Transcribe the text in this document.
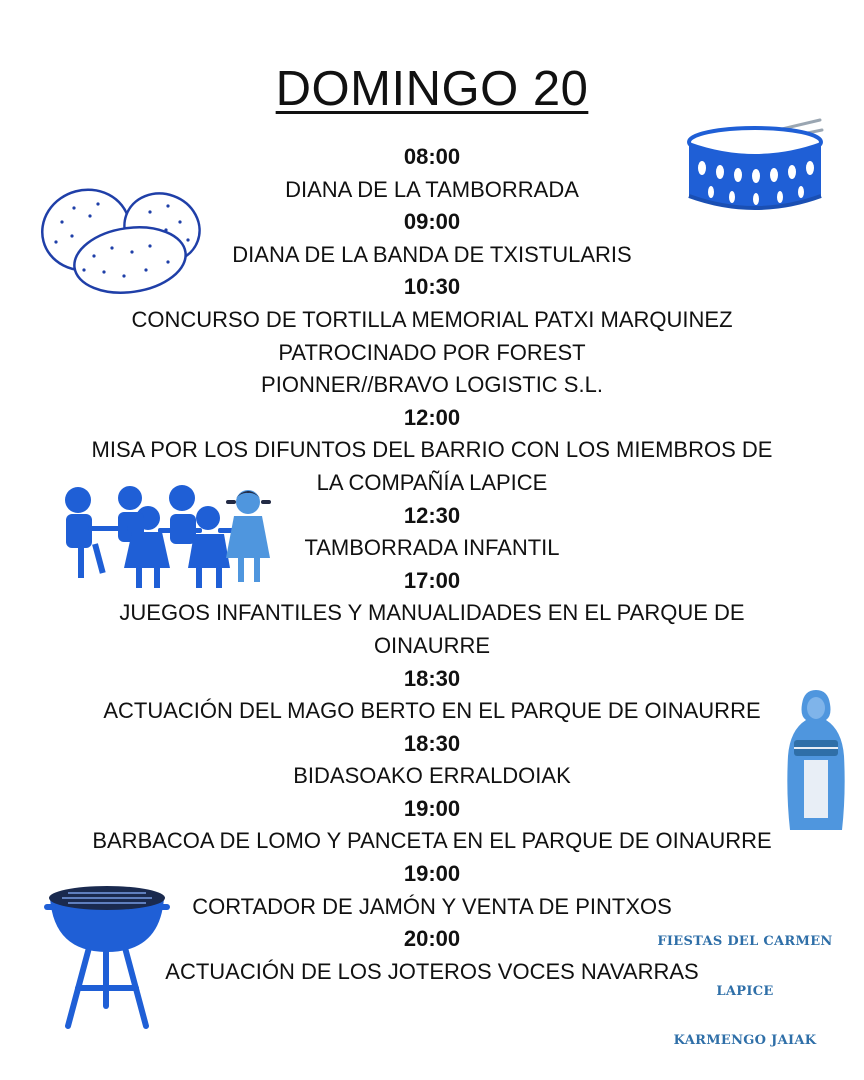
DOMINGO 20
08:00
DIANA DE LA TAMBORRADA
09:00
DIANA DE LA BANDA DE TXISTULARIS
10:30
CONCURSO DE TORTILLA MEMORIAL PATXI MARQUINEZ
PATROCINADO POR FOREST
PIONNER//BRAVO LOGISTIC S.L.
12:00
MISA POR LOS DIFUNTOS DEL BARRIO CON LOS MIEMBROS DE
LA COMPAÑÍA LAPICE
12:30
TAMBORRADA INFANTIL
17:00
JUEGOS INFANTILES Y MANUALIDADES EN EL PARQUE DE
OINAURRE
18:30
ACTUACIÓN DEL MAGO BERTO EN EL PARQUE DE OINAURRE
18:30
BIDASOAKO ERRALDOIAK
19:00
BARBACOA DE LOMO Y PANCETA EN EL PARQUE DE OINAURRE
19:00
CORTADOR DE JAMÓN Y VENTA DE PINTXOS
20:00
ACTUACIÓN DE LOS JOTEROS VOCES NAVARRAS
FIESTAS DEL CARMEN
LAPICE
KARMENGO JAIAK
